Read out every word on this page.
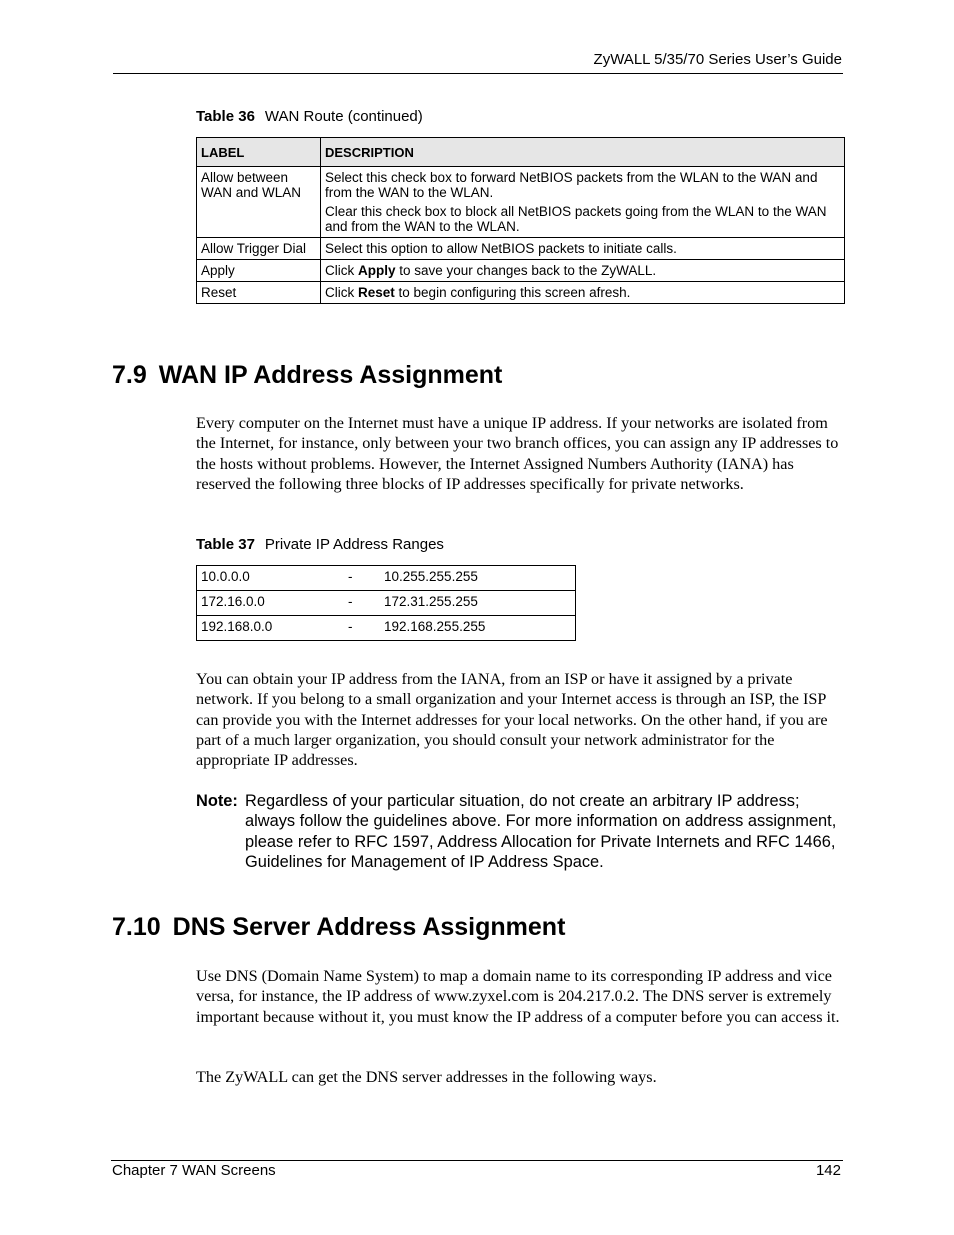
ZyWALL 5/35/70 Series User’s Guide
Table 36 WAN Route (continued)
LABEL	DESCRIPTION
Allow between WAN and WLAN	Select this check box to forward NetBIOS packets from the WLAN to the WAN and from the WAN to the WLAN.

Clear this check box to block all NetBIOS packets going from the WLAN to the WAN and from the WAN to the WLAN.

Allow Trigger Dial	Select this option to allow NetBIOS packets to initiate calls.
Apply	Click Apply to save your changes back to the ZyWALL.
Reset	Click Reset to begin configuring this screen afresh.
7.9 WAN IP Address Assignment

Every computer on the Internet must have a unique IP address. If your networks are isolated from the Internet, for instance, only between your two branch offices, you can assign any IP addresses to the hosts without problems. However, the Internet Assigned Numbers Authority (IANA) has reserved the following three blocks of IP addresses specifically for private networks.

Table 37 Private IP Address Ranges
10.0.0.0	-	10.255.255.255
172.16.0.0	-	172.31.255.255
192.168.0.0	-	192.168.255.255

You can obtain your IP address from the IANA, from an ISP or have it assigned by a private network. If you belong to a small organization and your Internet access is through an ISP, the ISP can provide you with the Internet addresses for your local networks. On the other hand, if you are part of a much larger organization, you should consult your network administrator for the appropriate IP addresses.

Note: Regardless of your particular situation, do not create an arbitrary IP address; always follow the guidelines above. For more information on address assignment, please refer to RFC 1597, Address Allocation for Private Internets and RFC 1466, Guidelines for Management of IP Address Space.
7.10 DNS Server Address Assignment

Use DNS (Domain Name System) to map a domain name to its corresponding IP address and vice versa, for instance, the IP address of www.zyxel.com is 204.217.0.2. The DNS server is extremely important because without it, you must know the IP address of a computer before you can access it.

The ZyWALL can get the DNS server addresses in the following ways.

Chapter 7 WAN Screens	142
